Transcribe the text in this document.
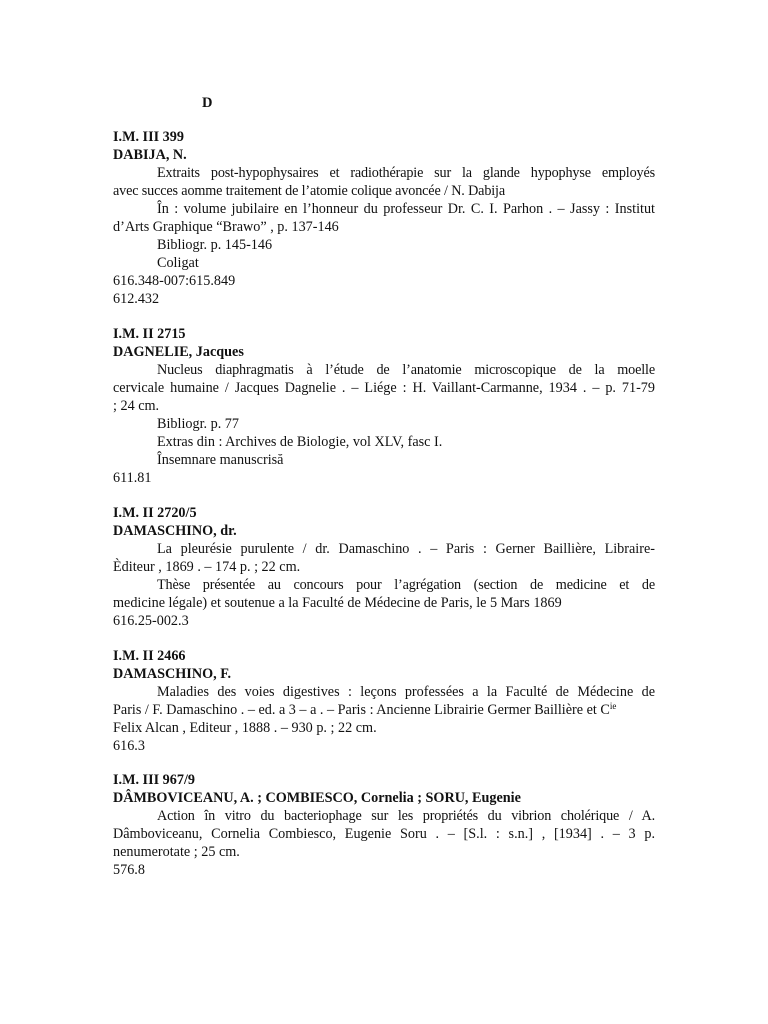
D
I.M. III 399
DABIJA, N.
Extraits post-hypophysaires et radiothérapie sur la glande hypophyse employés
avec succes aomme traitement de l’atomie colique avoncée / N. Dabija
În : volume jubilaire en l’honneur du professeur Dr. C. I. Parhon . – Jassy : Institut
d’Arts Graphique “Brawo” , p. 137-146
Bibliogr. p. 145-146
Coligat
616.348-007:615.849
612.432
I.M. II 2715
DAGNELIE, Jacques
Nucleus diaphragmatis à l’étude de l’anatomie microscopique de la moelle
cervicale humaine / Jacques Dagnelie . – Liége : H. Vaillant-Carmanne, 1934 . – p. 71-79
; 24 cm.
Bibliogr. p. 77
Extras din : Archives de Biologie, vol XLV, fasc I.
Însemnare manuscrisă
611.81
I.M. II 2720/5
DAMASCHINO, dr.
La pleurésie purulente / dr. Damaschino . – Paris : Gerner Baillière, Libraire-
Èditeur , 1869 . – 174 p. ; 22 cm.
Thèse présentée au concours pour l’agrégation (section de medicine et de
medicine légale) et soutenue a la Faculté de Médecine de Paris, le 5 Mars 1869
616.25-002.3
I.M. II 2466
DAMASCHINO, F.
Maladies des voies digestives : leçons professées a la Faculté de Médecine de
Paris / F. Damaschino . – ed. a 3 – a . – Paris : Ancienne Librairie Germer Baillière et $C^{ie}$
Felix Alcan , Editeur , 1888 . – 930 p. ; 22 cm.
616.3
I.M. III 967/9
DÂMBOVICEANU, A. ; COMBIESCO, Cornelia ; SORU, Eugenie
Action în vitro du bacteriophage sur les propriétés du vibrion cholérique / A.
Dâmboviceanu, Cornelia Combiesco, Eugenie Soru . – [S.l. : s.n.] , [1934] . – 3 p.
nenumerotate ; 25 cm.
576.8
